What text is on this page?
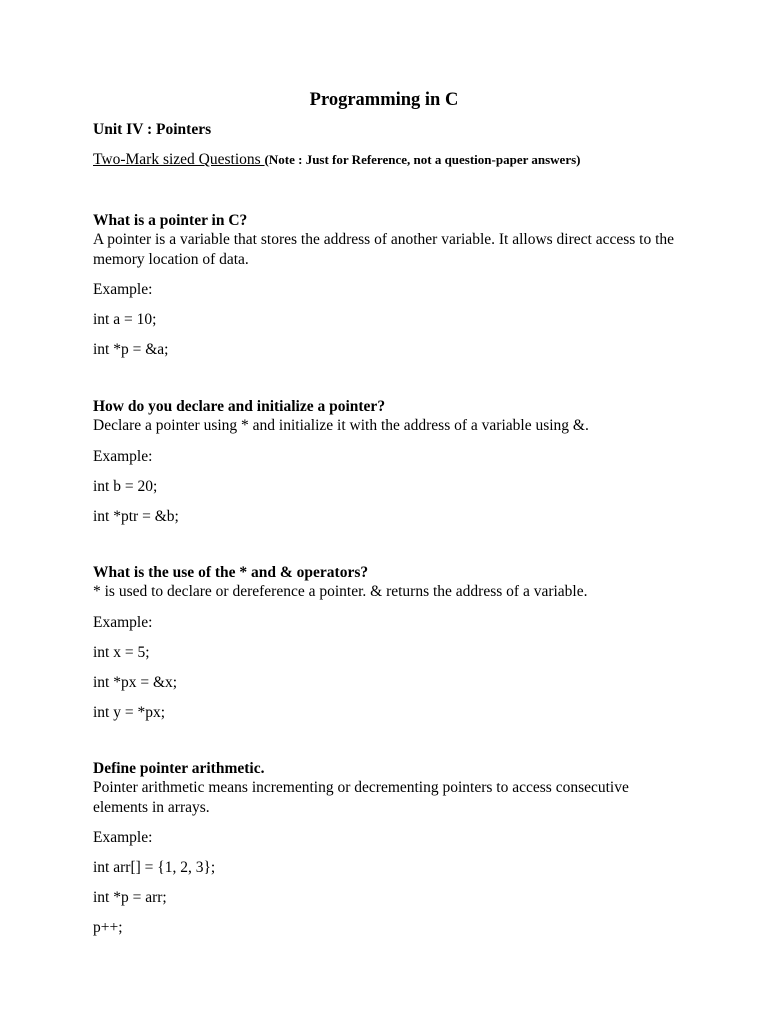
Programming in C
Unit IV : Pointers
Two-Mark sized Questions (Note : Just for Reference, not a question-paper answers)

What is a pointer in C?

A pointer is a variable that stores the address of another variable. It allows direct access to the memory location of data.

Example:

int a = 10;

int *p = &a;

How do you declare and initialize a pointer?

Declare a pointer using * and initialize it with the address of a variable using &.

Example:

int b = 20;

int *ptr = &b;

What is the use of the * and & operators?

* is used to declare or dereference a pointer. & returns the address of a variable.

Example:

int x = 5;

int *px = &x;

int y = *px;

Define pointer arithmetic.

Pointer arithmetic means incrementing or decrementing pointers to access consecutive elements in arrays.

Example:

int arr[] = {1, 2, 3};

int *p = arr;

p++;
